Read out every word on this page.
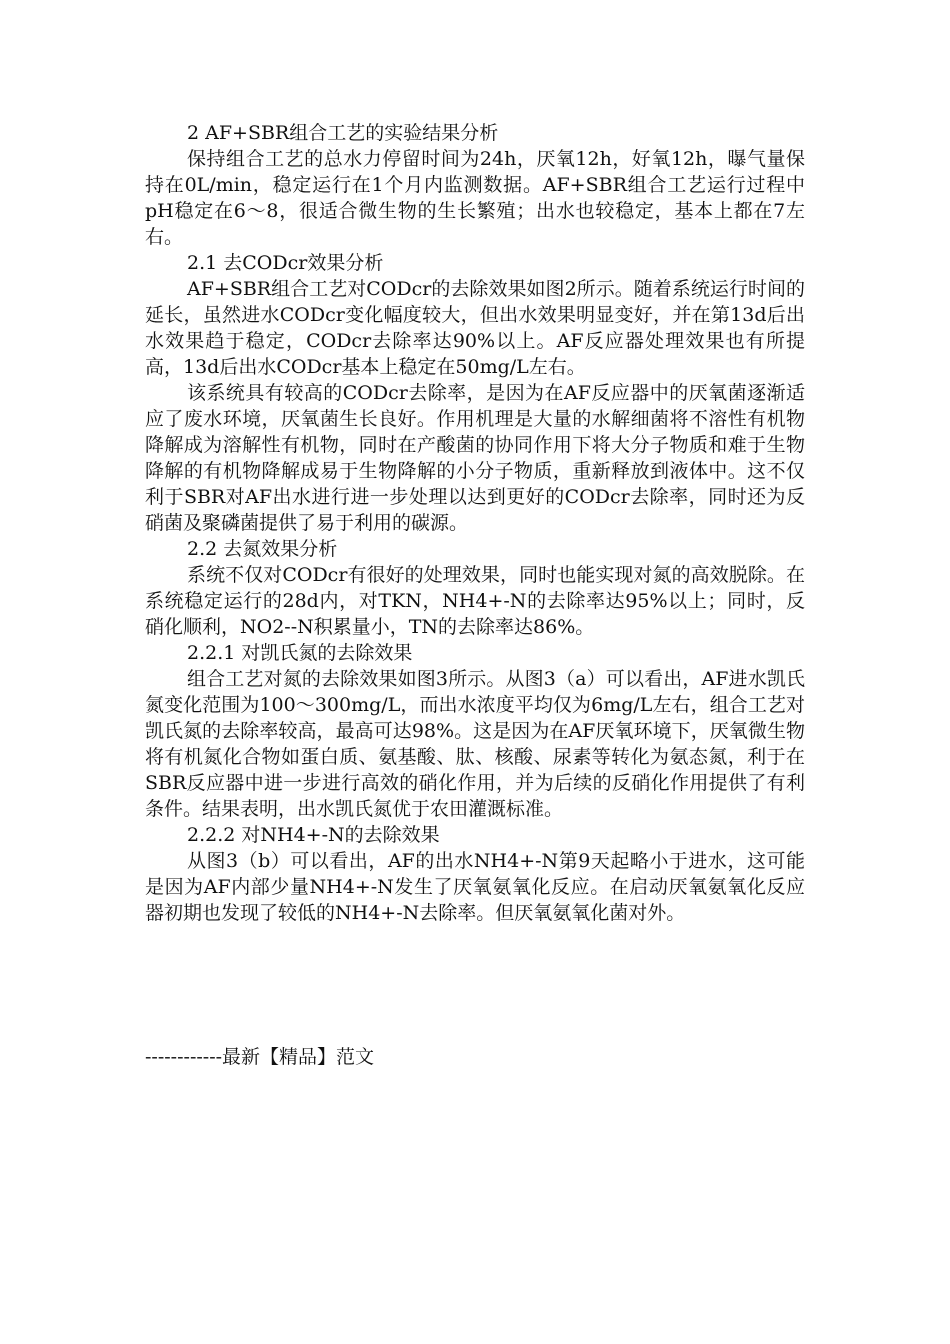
2 AF+SBR组合工艺的实验结果分析

保持组合工艺的总水力停留时间为24h，厌氧12h，好氧12h，曝气量保持在0L/min，稳定运行在1个月内监测数据。AF+SBR组合工艺运行过程中pH稳定在6～8，很适合微生物的生长繁殖；出水也较稳定，基本上都在7左右。

2.1 去CODcr效果分析

AF+SBR组合工艺对CODcr的去除效果如图2所示。随着系统运行时间的延长，虽然进水CODcr变化幅度较大，但出水效果明显变好，并在第13d后出水效果趋于稳定，CODcr去除率达90%以上。AF反应器处理效果也有所提高，13d后出水CODcr基本上稳定在50mg/L左右。

该系统具有较高的CODcr去除率，是因为在AF反应器中的厌氧菌逐渐适应了废水环境，厌氧菌生长良好。作用机理是大量的水解细菌将不溶性有机物降解成为溶解性有机物，同时在产酸菌的协同作用下将大分子物质和难于生物降解的有机物降解成易于生物降解的小分子物质，重新释放到液体中。这不仅利于SBR对AF出水进行进一步处理以达到更好的CODcr去除率，同时还为反硝菌及聚磷菌提供了易于利用的碳源。

2.2 去氮效果分析

系统不仅对CODcr有很好的处理效果，同时也能实现对氮的高效脱除。在系统稳定运行的28d内，对TKN，NH4+-N的去除率达95%以上；同时，反硝化顺利，NO2--N积累量小，TN的去除率达86%。

2.2.1 对凯氏氮的去除效果

组合工艺对氮的去除效果如图3所示。从图3（a）可以看出，AF进水凯氏氮变化范围为100～300mg/L，而出水浓度平均仅为6mg/L左右，组合工艺对凯氏氮的去除率较高，最高可达98%。这是因为在AF厌氧环境下，厌氧微生物将有机氮化合物如蛋白质、氨基酸、肽、核酸、尿素等转化为氨态氮，利于在SBR反应器中进一步进行高效的硝化作用，并为后续的反硝化作用提供了有利条件。结果表明，出水凯氏氮优于农田灌溉标准。

2.2.2 对NH4+-N的去除效果

从图3（b）可以看出，AF的出水NH4+-N第9天起略小于进水，这可能是因为AF内部少量NH4+-N发生了厌氧氨氧化反应。在启动厌氧氨氧化反应器初期也发现了较低的NH4+-N去除率。但厌氧氨氧化菌对外。

------------最新【精品】范文
